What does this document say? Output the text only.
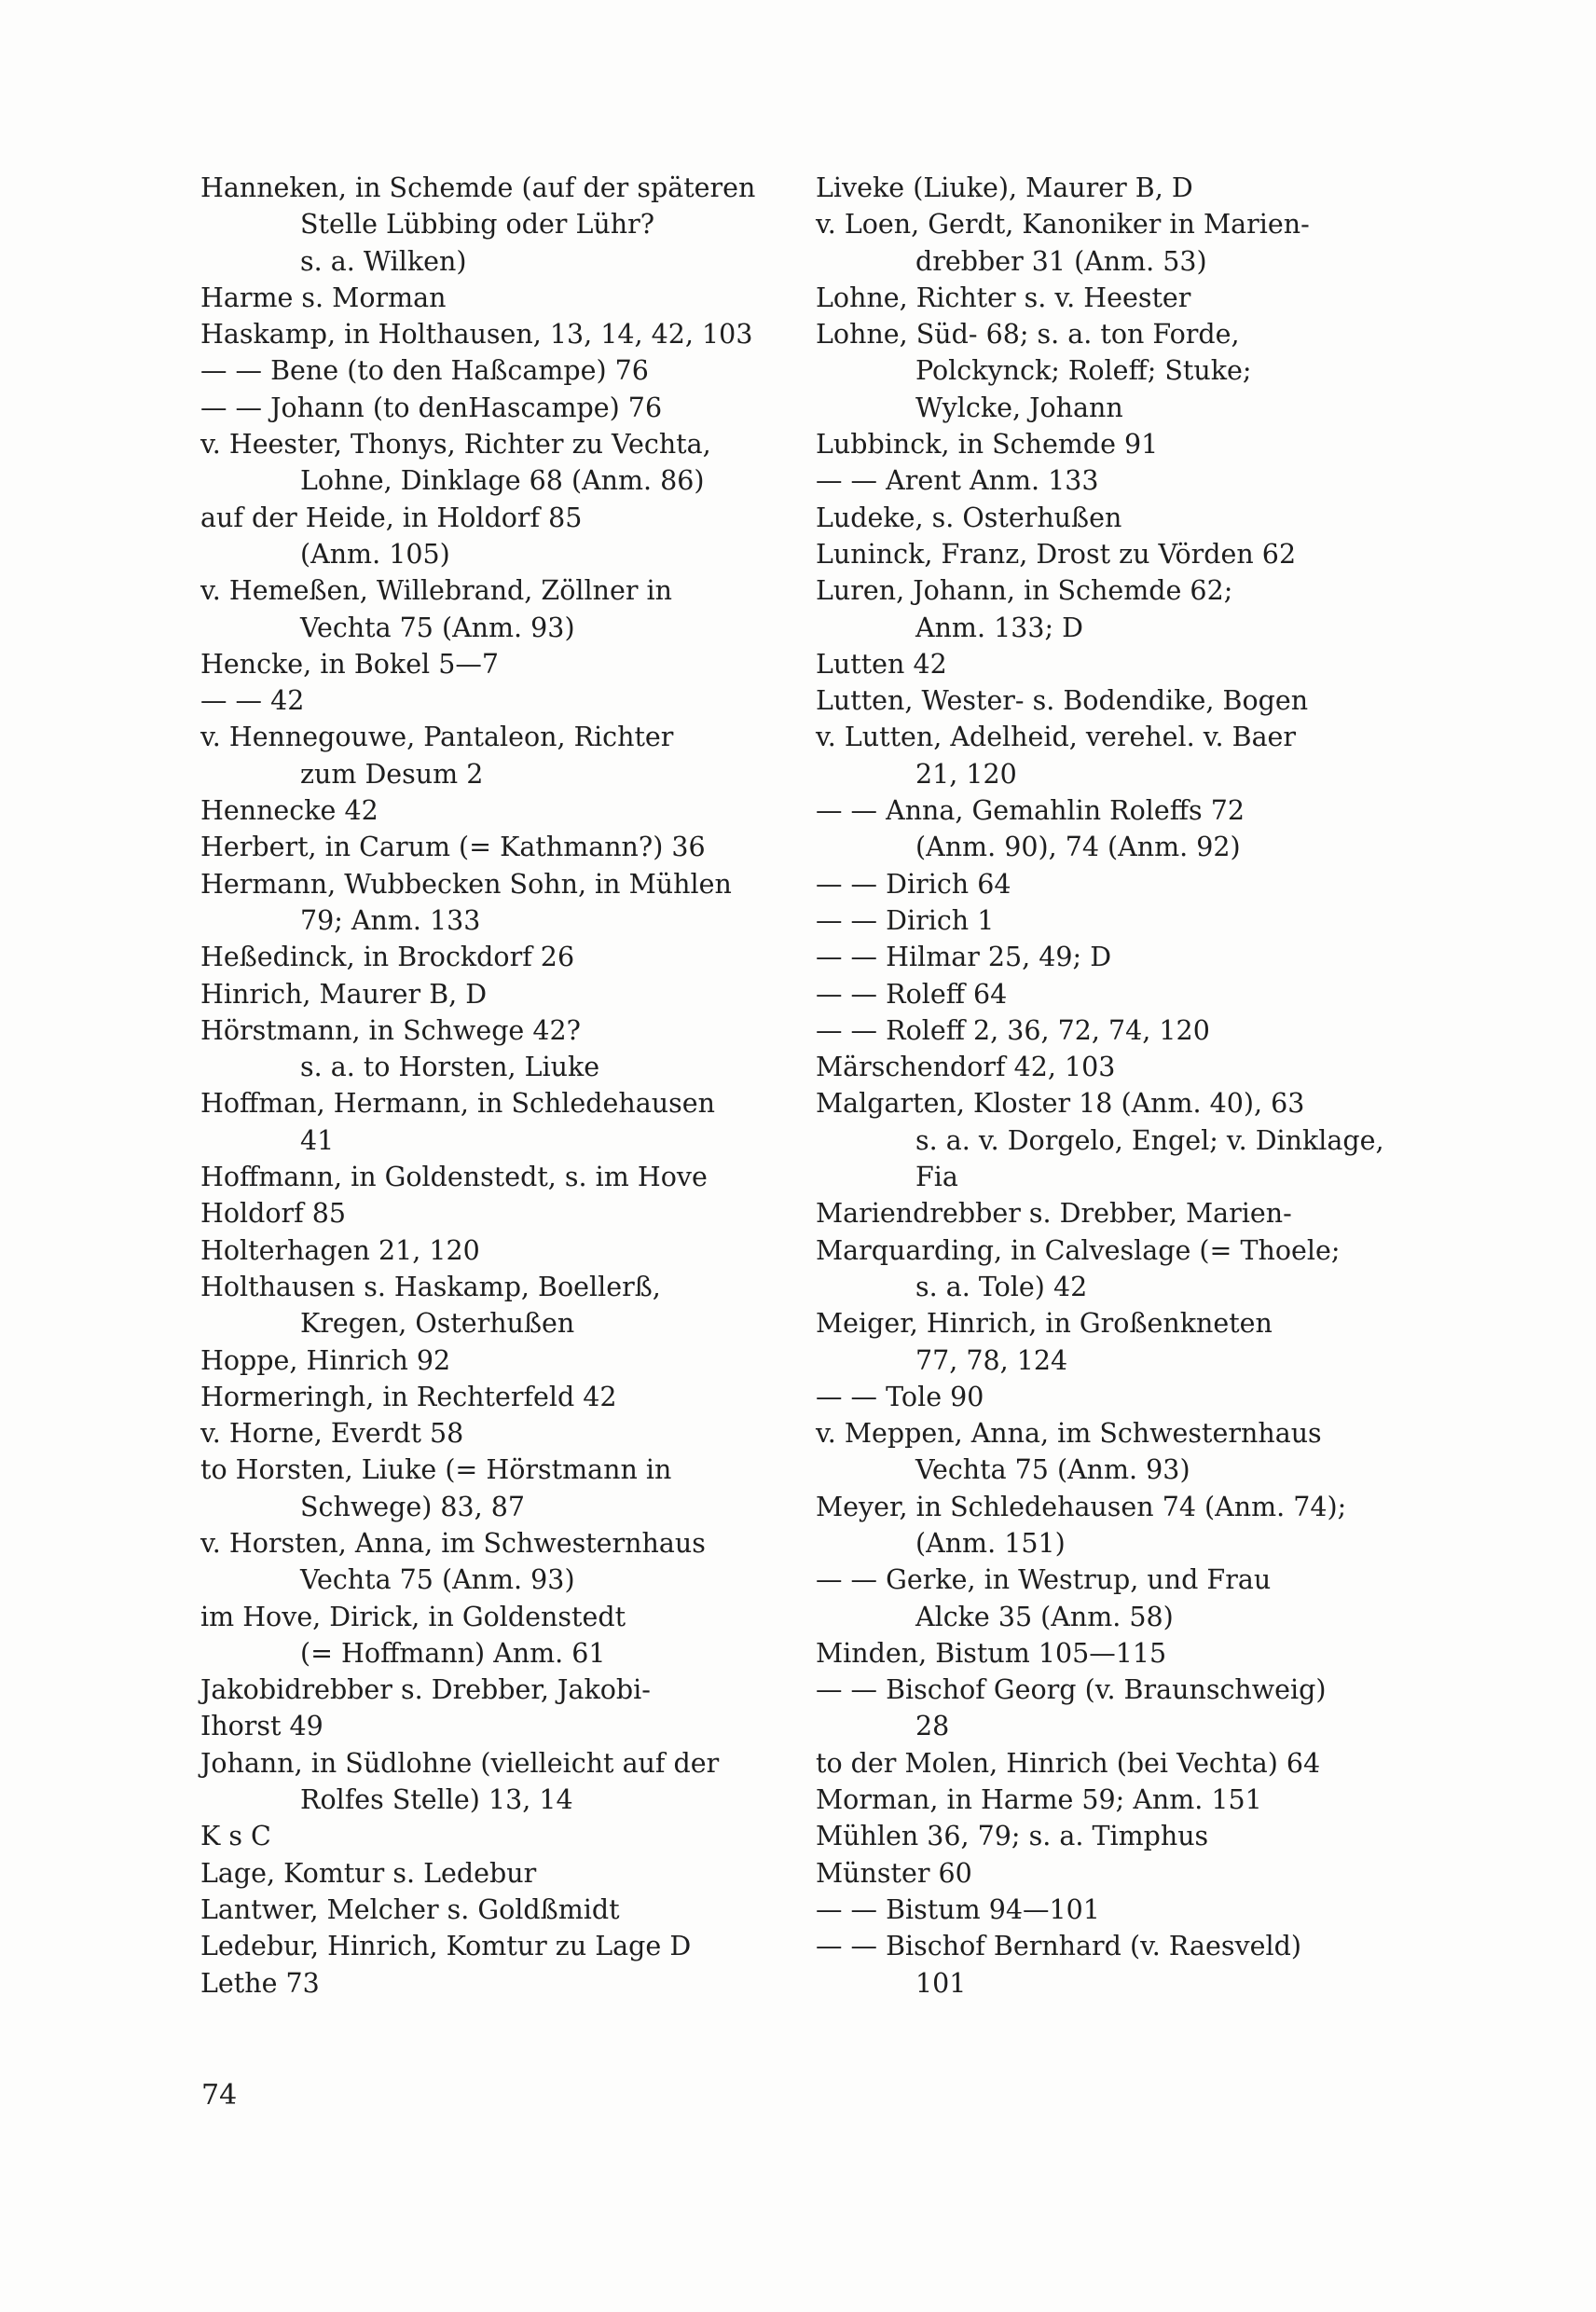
Hanneken, in Schemde (auf der späteren
Stelle Lübbing oder Lühr?
s. a. Wilken)
Harme s. Morman
Haskamp, in Holthausen, 13, 14, 42, 103
— — Bene (to den Haßcampe) 76
— — Johann (to denHascampe) 76
v. Heester, Thonys, Richter zu Vechta,
Lohne, Dinklage 68 (Anm. 86)
auf der Heide, in Holdorf 85
(Anm. 105)
v. Hemeßen, Willebrand, Zöllner in
Vechta 75 (Anm. 93)
Hencke, in Bokel 5—7
— — 42
v. Hennegouwe, Pantaleon, Richter
zum Desum 2
Hennecke 42
Herbert, in Carum (= Kathmann?) 36
Hermann, Wubbecken Sohn, in Mühlen
79; Anm. 133
Heßedinck, in Brockdorf 26
Hinrich, Maurer B, D
Hörstmann, in Schwege 42?
s. a. to Horsten, Liuke
Hoffman, Hermann, in Schledehausen
41
Hoffmann, in Goldenstedt, s. im Hove
Holdorf 85
Holterhagen 21, 120
Holthausen s. Haskamp, Boellerß,
Kregen, Osterhußen
Hoppe, Hinrich 92
Hormeringh, in Rechterfeld 42
v. Horne, Everdt 58
to Horsten, Liuke (= Hörstmann in
Schwege) 83, 87
v. Horsten, Anna, im Schwesternhaus
Vechta 75 (Anm. 93)
im Hove, Dirick, in Goldenstedt
(= Hoffmann) Anm. 61
Jakobidrebber s. Drebber, Jakobi-
Ihorst 49
Johann, in Südlohne (vielleicht auf der
Rolfes Stelle) 13, 14
K s C
Lage, Komtur s. Ledebur
Lantwer, Melcher s. Goldßmidt
Ledebur, Hinrich, Komtur zu Lage D
Lethe 73
Liveke (Liuke), Maurer B, D
v. Loen, Gerdt, Kanoniker in Marien-
drebber 31 (Anm. 53)
Lohne, Richter s. v. Heester
Lohne, Süd- 68; s. a. ton Forde,
Polckynck; Roleff; Stuke;
Wylcke, Johann
Lubbinck, in Schemde 91
— — Arent Anm. 133
Ludeke, s. Osterhußen
Luninck, Franz, Drost zu Vörden 62
Luren, Johann, in Schemde 62;
Anm. 133; D
Lutten 42
Lutten, Wester- s. Bodendike, Bogen
v. Lutten, Adelheid, verehel. v. Baer
21, 120
— — Anna, Gemahlin Roleffs 72
(Anm. 90), 74 (Anm. 92)
— — Dirich 64
— — Dirich 1
— — Hilmar 25, 49; D
— — Roleff 64
— — Roleff 2, 36, 72, 74, 120
Märschendorf 42, 103
Malgarten, Kloster 18 (Anm. 40), 63
s. a. v. Dorgelo, Engel; v. Dinklage,
Fia
Mariendrebber s. Drebber, Marien-
Marquarding, in Calveslage (= Thoele;
s. a. Tole) 42
Meiger, Hinrich, in Großenkneten
77, 78, 124
— — Tole 90
v. Meppen, Anna, im Schwesternhaus
Vechta 75 (Anm. 93)
Meyer, in Schledehausen 74 (Anm. 74);
(Anm. 151)
— — Gerke, in Westrup, und Frau
Alcke 35 (Anm. 58)
Minden, Bistum 105—115
— — Bischof Georg (v. Braunschweig)
28
to der Molen, Hinrich (bei Vechta) 64
Morman, in Harme 59; Anm. 151
Mühlen 36, 79; s. a. Timphus
Münster 60
— — Bistum 94—101
— — Bischof Bernhard (v. Raesveld)
101
74
